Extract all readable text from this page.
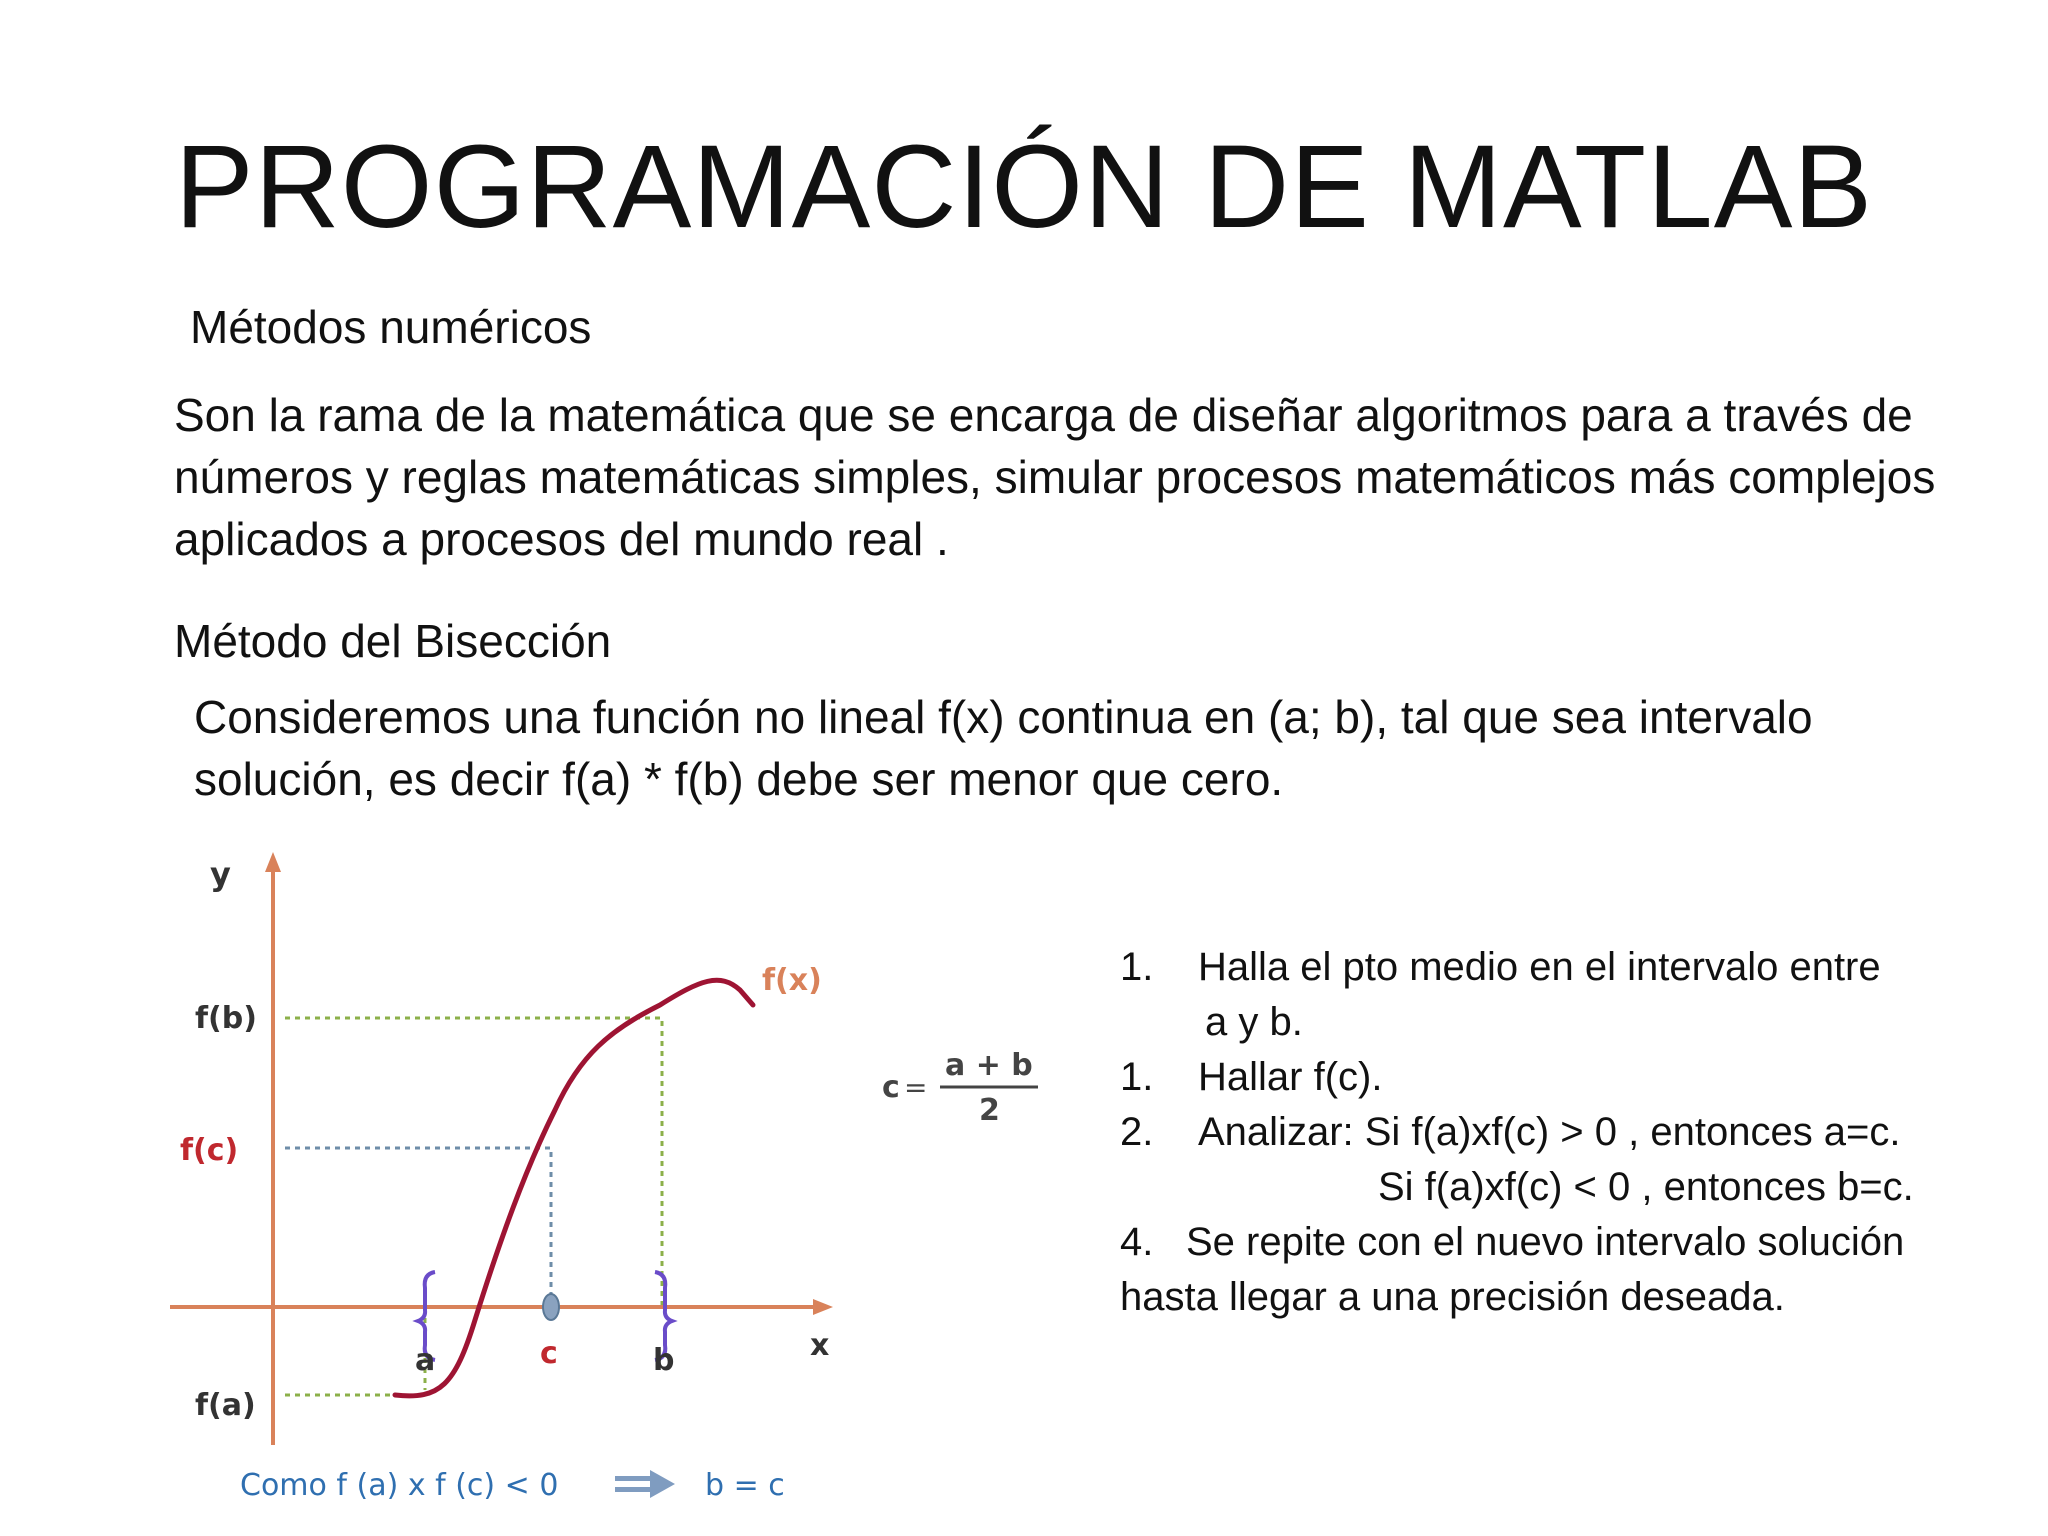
PROGRAMACIÓN DE MATLAB
Métodos numéricos

Son la rama de la matemática que se encarga de diseñar algoritmos para a través de
números y reglas matemáticas simples, simular procesos matemáticos más complejos
aplicados a procesos del mundo real .

Método del Bisección

Consideremos una función no lineal f(x) continua en (a; b), tal que sea intervalo
solución, es decir f(a) * f(b) debe ser menor que cero.

y
f(b)
f(c)
f(a)
f(x)
a	c	b	x
Como f (a) x f (c) < 0	b = c
c =
a + b
2
1. Halla el pto medio en el intervalo entre
a y b.
1. Hallar f(c).
2. Analizar: Si f(a)xf(c) > 0 , entonces a=c.
Si f(a)xf(c) < 0 , entonces b=c.
4. Se repite con el nuevo intervalo solución
hasta llegar a una precisión deseada.
